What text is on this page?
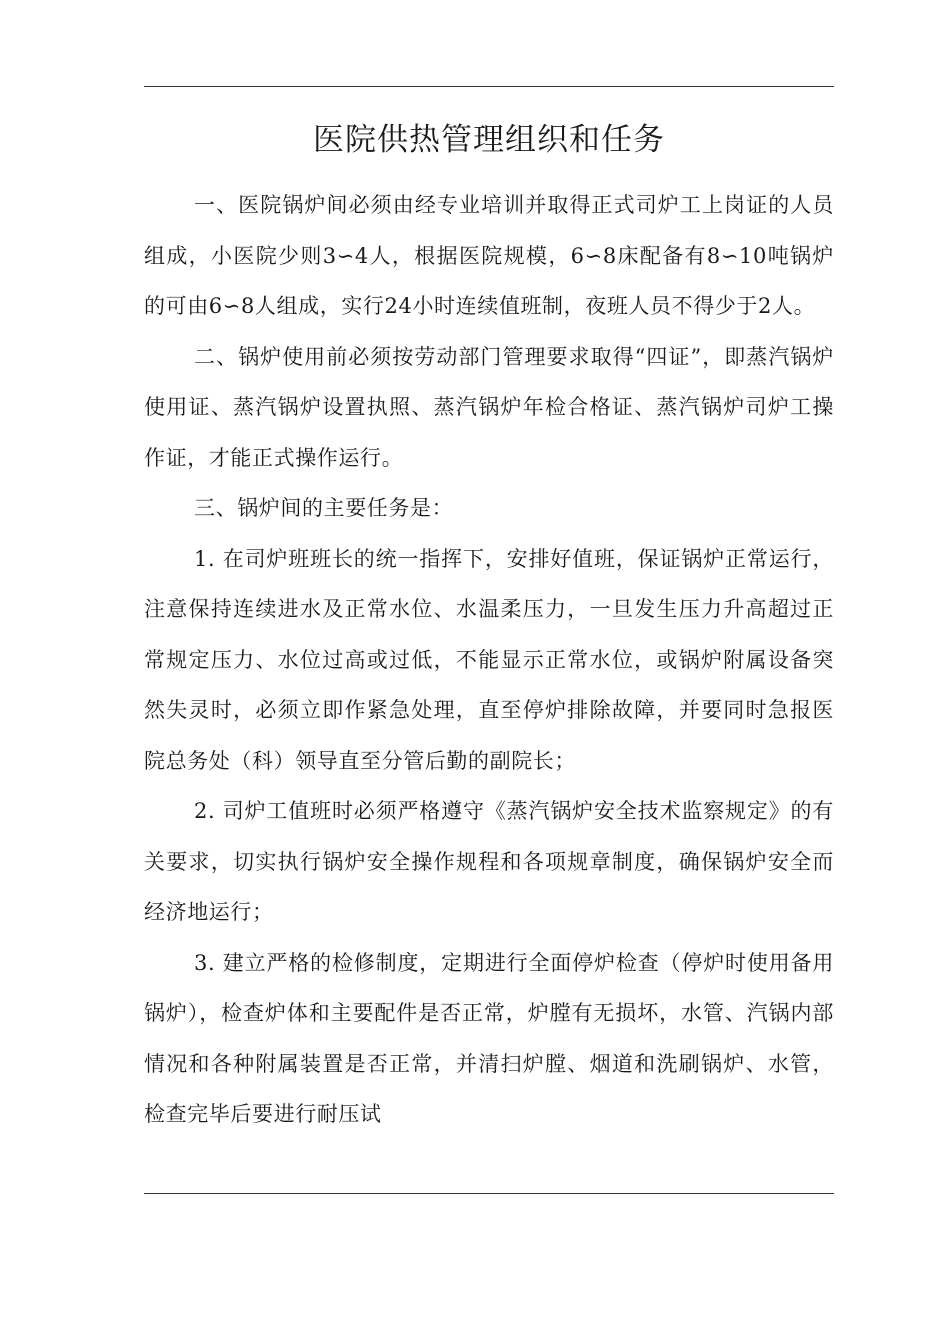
医院供热管理组织和任务

一、医院锅炉间必须由经专业培训并取得正式司炉工上岗证的人员组成，小医院少则3∽4人，根据医院规模，6∽8床配备有8∽10吨锅炉的可由6∽8人组成，实行24小时连续值班制，夜班人员不得少于2人。

二、锅炉使用前必须按劳动部门管理要求取得“四证”，即蒸汽锅炉使用证、蒸汽锅炉设置执照、蒸汽锅炉年检合格证、蒸汽锅炉司炉工操作证，才能正式操作运行。

三、锅炉间的主要任务是：

1. 在司炉班班长的统一指挥下，安排好值班，保证锅炉正常运行，注意保持连续进水及正常水位、水温柔压力，一旦发生压力升高超过正常规定压力、水位过高或过低，不能显示正常水位，或锅炉附属设备突然失灵时，必须立即作紧急处理，直至停炉排除故障，并要同时急报医院总务处（科）领导直至分管后勤的副院长；

2. 司炉工值班时必须严格遵守《蒸汽锅炉安全技术监察规定》的有关要求，切实执行锅炉安全操作规程和各项规章制度，确保锅炉安全而经济地运行；

3. 建立严格的检修制度，定期进行全面停炉检查（停炉时使用备用锅炉），检查炉体和主要配件是否正常，炉膛有无损坏，水管、汽锅内部情况和各种附属装置是否正常，并清扫炉膛、烟道和洗刷锅炉、水管，检查完毕后要进行耐压试
